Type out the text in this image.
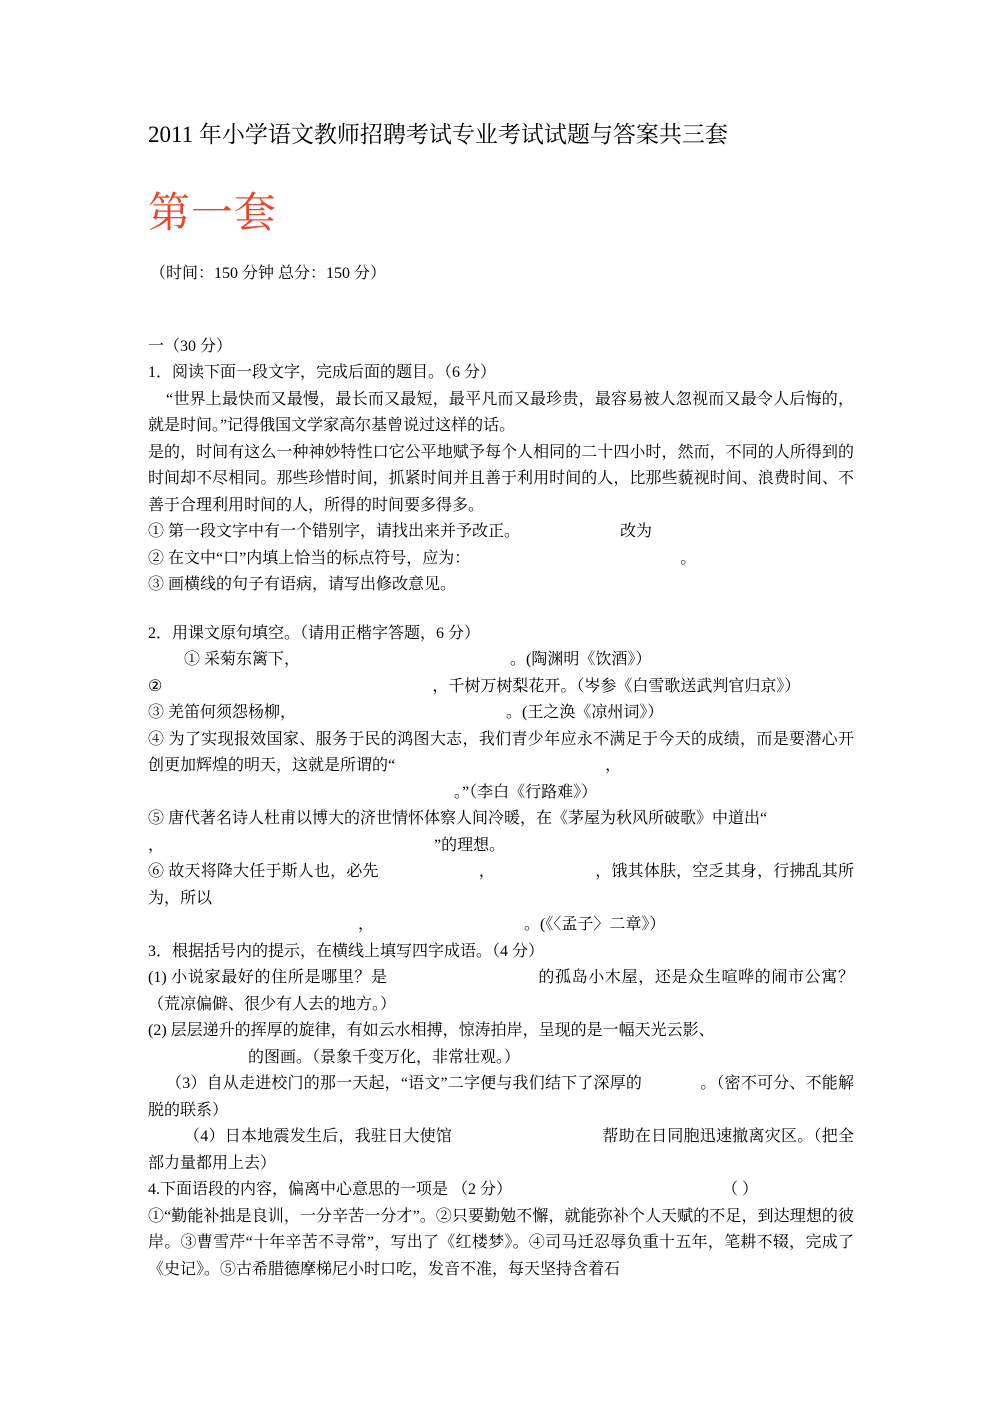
2011 年小学语文教师招聘考试专业考试试题与答案共三套
第一套
（时间：150 分钟 总分：150 分）
一（30 分）

1．阅读下面一段文字，完成后面的题目。（6 分）

“世界上最快而又最慢，最长而又最短，最平凡而又最珍贵，最容易被人忽视而又最令人后悔的，就是时间。”记得俄国文学家高尔基曾说过这样的话。

是的，时间有这么一种神妙特性口它公平地赋予每个人相同的二十四小时，然而，不同的人所得到的时间却不尽相同。那些珍惜时间，抓紧时间并且善于利用时间的人，比那些藐视时间、浪费时间、不善于合理利用时间的人，所得的时间要多得多。

① 第一段文字中有一个错别字，请找出来并予改正。	改为

② 在文中“口”内填上恰当的标点符号，应为：	。

③ 画横线的句子有语病，请写出修改意见。

2．用课文原句填空。（请用正楷字答题，6 分）

① 采菊东篱下，	。(陶渊明《饮酒》）

②	，千树万树梨花开。（岑参《白雪歌送武判官归京》）

③ 羌笛何须怨杨柳，	。(王之涣《凉州词》）

④ 为了实现报效国家、服务于民的鸿图大志，我们青少年应永不满足于今天的成绩，而是要潜心开创更加辉煌的明天，这就是所谓的“	，

。”（李白《行路难》）

⑤ 唐代著名诗人杜甫以博大的济世情怀体察人间冷暖，在《茅屋为秋风所破歌》中道出“

，	”的理想。

⑥ 故天将降大任于斯人也，必先	，	，饿其体肤，空乏其身，行拂乱其所为，所以

，	。(《〈孟子〉二章》）

3．根据括号内的提示，在横线上填写四字成语。（4 分）

(1) 小说家最好的住所是哪里？是	的孤岛小木屋，还是众生喧哗的闹市公寓？（荒凉偏僻、很少有人去的地方。）

(2) 层层递升的挥厚的旋律，有如云水相搏，惊涛拍岸，呈现的是一幅天光云影、

的图画。（景象千变万化，非常壮观。）

（3）自从走进校门的那一天起，“语文”二字便与我们结下了深厚的	。（密不可分、不能解脱的联系）

（4）日本地震发生后，我驻日大使馆	帮助在日同胞迅速撤离灾区。（把全部力量都用上去）

4.下面语段的内容，偏离中心意思的一项是 （2 分）	（ ）

①“勤能补拙是良训，一分辛苦一分才”。②只要勤勉不懈，就能弥补个人天赋的不足，到达理想的彼岸。③曹雪芹“十年辛苦不寻常”，写出了《红楼梦》。④司马迁忍辱负重十五年，笔耕不辍，完成了《史记》。⑤古希腊德摩梯尼小时口吃，发音不准，每天坚持含着石
